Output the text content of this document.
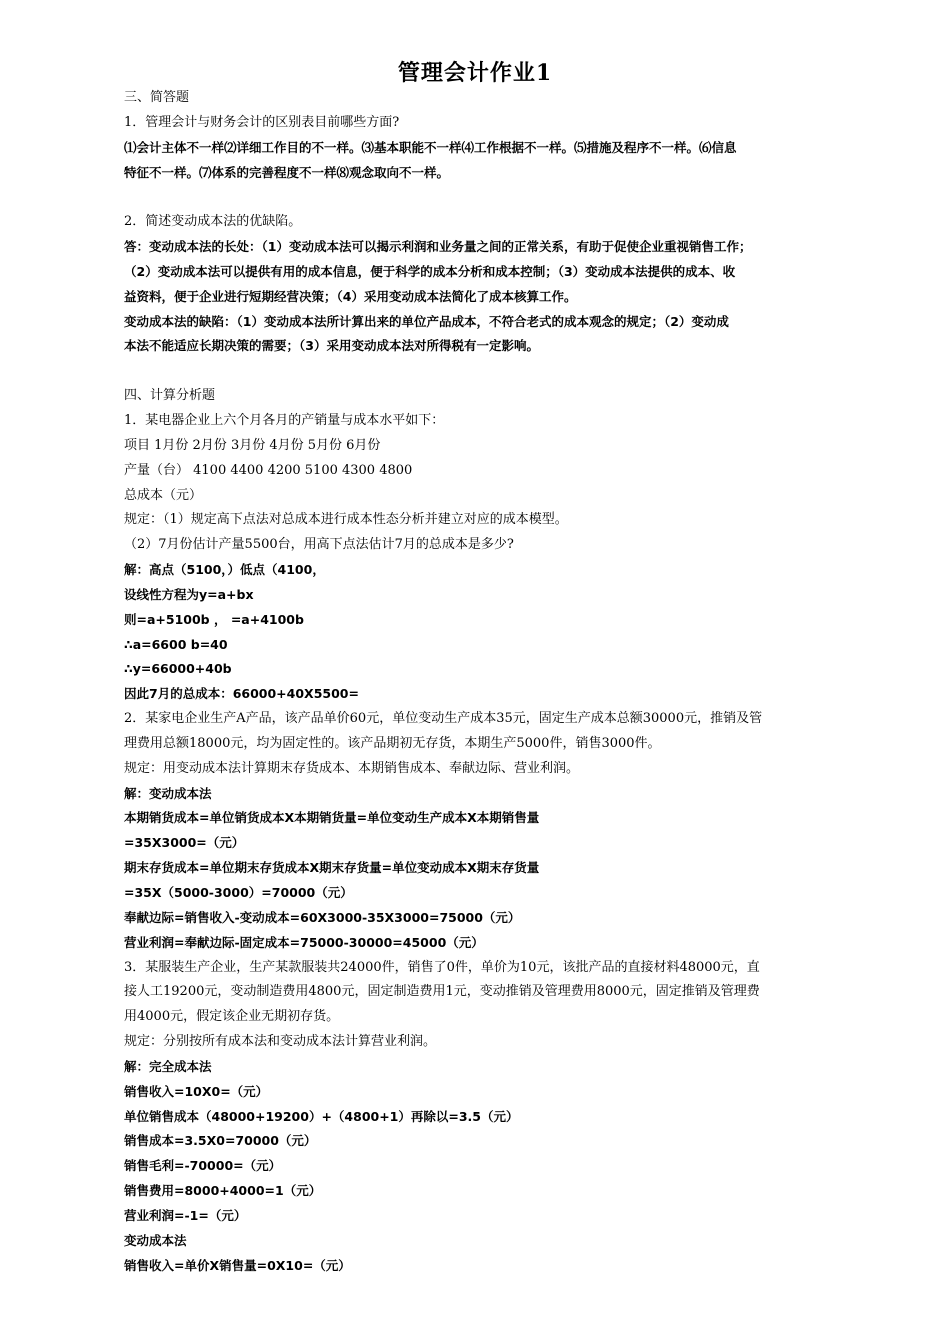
管理会计作业1
三、简答题
1．管理会计与财务会计的区别表目前哪些方面?
⑴会计主体不一样⑵详细工作目的不一样。⑶基本职能不一样⑷工作根据不一样。⑸措施及程序不一样。⑹信息
特征不一样。⑺体系的完善程度不一样⑻观念取向不一样。
2．简述变动成本法的优缺陷。
答：变动成本法的长处：（1）变动成本法可以揭示利润和业务量之间的正常关系，有助于促使企业重视销售工作；
（2）变动成本法可以提供有用的成本信息，便于科学的成本分析和成本控制；（3）变动成本法提供的成本、收
益资料，便于企业进行短期经营决策；（4）采用变动成本法简化了成本核算工作。
变动成本法的缺陷：（1）变动成本法所计算出来的单位产品成本，不符合老式的成本观念的规定；（2）变动成
本法不能适应长期决策的需要；（3）采用变动成本法对所得税有一定影响。
四、计算分析题
1．某电器企业上六个月各月的产销量与成本水平如下：
项目 1月份 2月份 3月份 4月份 5月份 6月份
产量（台） 4100 4400 4200 5100 4300 4800
总成本（元）
规定：（1）规定高下点法对总成本进行成本性态分析并建立对应的成本模型。
（2）7月份估计产量5500台，用高下点法估计7月的总成本是多少?
解：高点（5100，）低点（4100，
设线性方程为y=a+bx
则=a+5100b ， =a+4100b
∴a=6600 b=40
∴y=66000+40b
因此7月的总成本：66000+40X5500=
2．某家电企业生产A产品，该产品单价60元，单位变动生产成本35元，固定生产成本总额30000元，推销及管
理费用总额18000元，均为固定性的。该产品期初无存货，本期生产5000件，销售3000件。
规定：用变动成本法计算期末存货成本、本期销售成本、奉献边际、营业利润。
解：变动成本法
本期销货成本=单位销货成本X本期销货量=单位变动生产成本X本期销售量
=35X3000=（元）
期末存货成本=单位期末存货成本X期末存货量=单位变动成本X期末存货量
=35X（5000-3000）=70000（元）
奉献边际=销售收入-变动成本=60X3000-35X3000=75000（元）
营业利润=奉献边际-固定成本=75000-30000=45000（元）
3．某服装生产企业，生产某款服装共24000件，销售了0件，单价为10元，该批产品的直接材料48000元，直
接人工19200元，变动制造费用4800元，固定制造费用1元，变动推销及管理费用8000元，固定推销及管理费
用4000元，假定该企业无期初存货。
规定：分别按所有成本法和变动成本法计算营业利润。
解：完全成本法
销售收入=10X0=（元）
单位销售成本（48000+19200）+（4800+1）再除以=3.5（元）
销售成本=3.5X0=70000（元）
销售毛利=-70000=（元）
销售费用=8000+4000=1（元）
营业利润=-1=（元）
变动成本法
销售收入=单价X销售量=0X10=（元）
